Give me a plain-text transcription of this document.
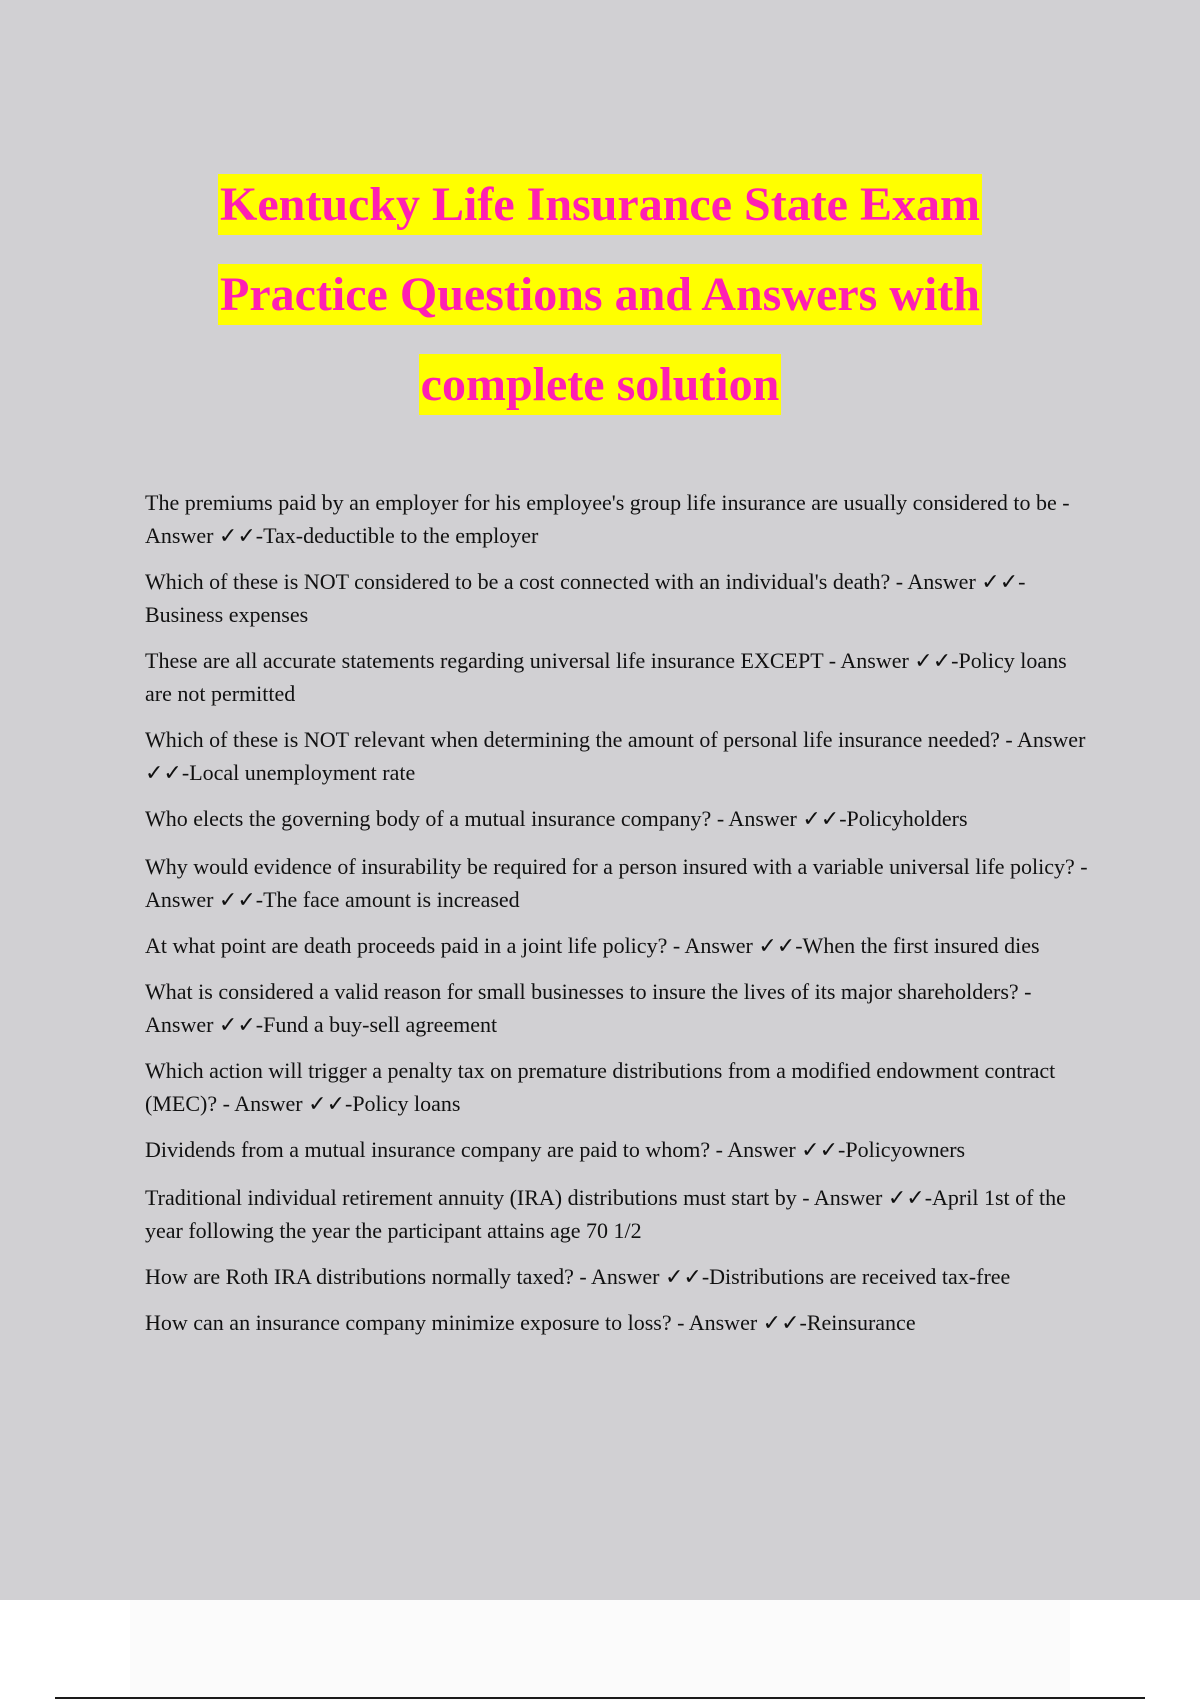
Kentucky Life Insurance State Exam
Practice Questions and Answers with
complete solution

The premiums paid by an employer for his employee's group life insurance are usually considered to be - Answer ✓✓-Tax-deductible to the employer

Which of these is NOT considered to be a cost connected with an individual's death? - Answer ✓✓-Business expenses

These are all accurate statements regarding universal life insurance EXCEPT - Answer ✓✓-Policy loans are not permitted

Which of these is NOT relevant when determining the amount of personal life insurance needed? - Answer ✓✓-Local unemployment rate

Who elects the governing body of a mutual insurance company? - Answer ✓✓-Policyholders

Why would evidence of insurability be required for a person insured with a variable universal life policy? - Answer ✓✓-The face amount is increased

At what point are death proceeds paid in a joint life policy? - Answer ✓✓-When the first insured dies

What is considered a valid reason for small businesses to insure the lives of its major shareholders? - Answer ✓✓-Fund a buy-sell agreement

Which action will trigger a penalty tax on premature distributions from a modified endowment contract (MEC)? - Answer ✓✓-Policy loans

Dividends from a mutual insurance company are paid to whom? - Answer ✓✓-Policyowners

Traditional individual retirement annuity (IRA) distributions must start by - Answer ✓✓-April 1st of the year following the year the participant attains age 70 1/2

How are Roth IRA distributions normally taxed? - Answer ✓✓-Distributions are received tax-free

How can an insurance company minimize exposure to loss? - Answer ✓✓-Reinsurance
